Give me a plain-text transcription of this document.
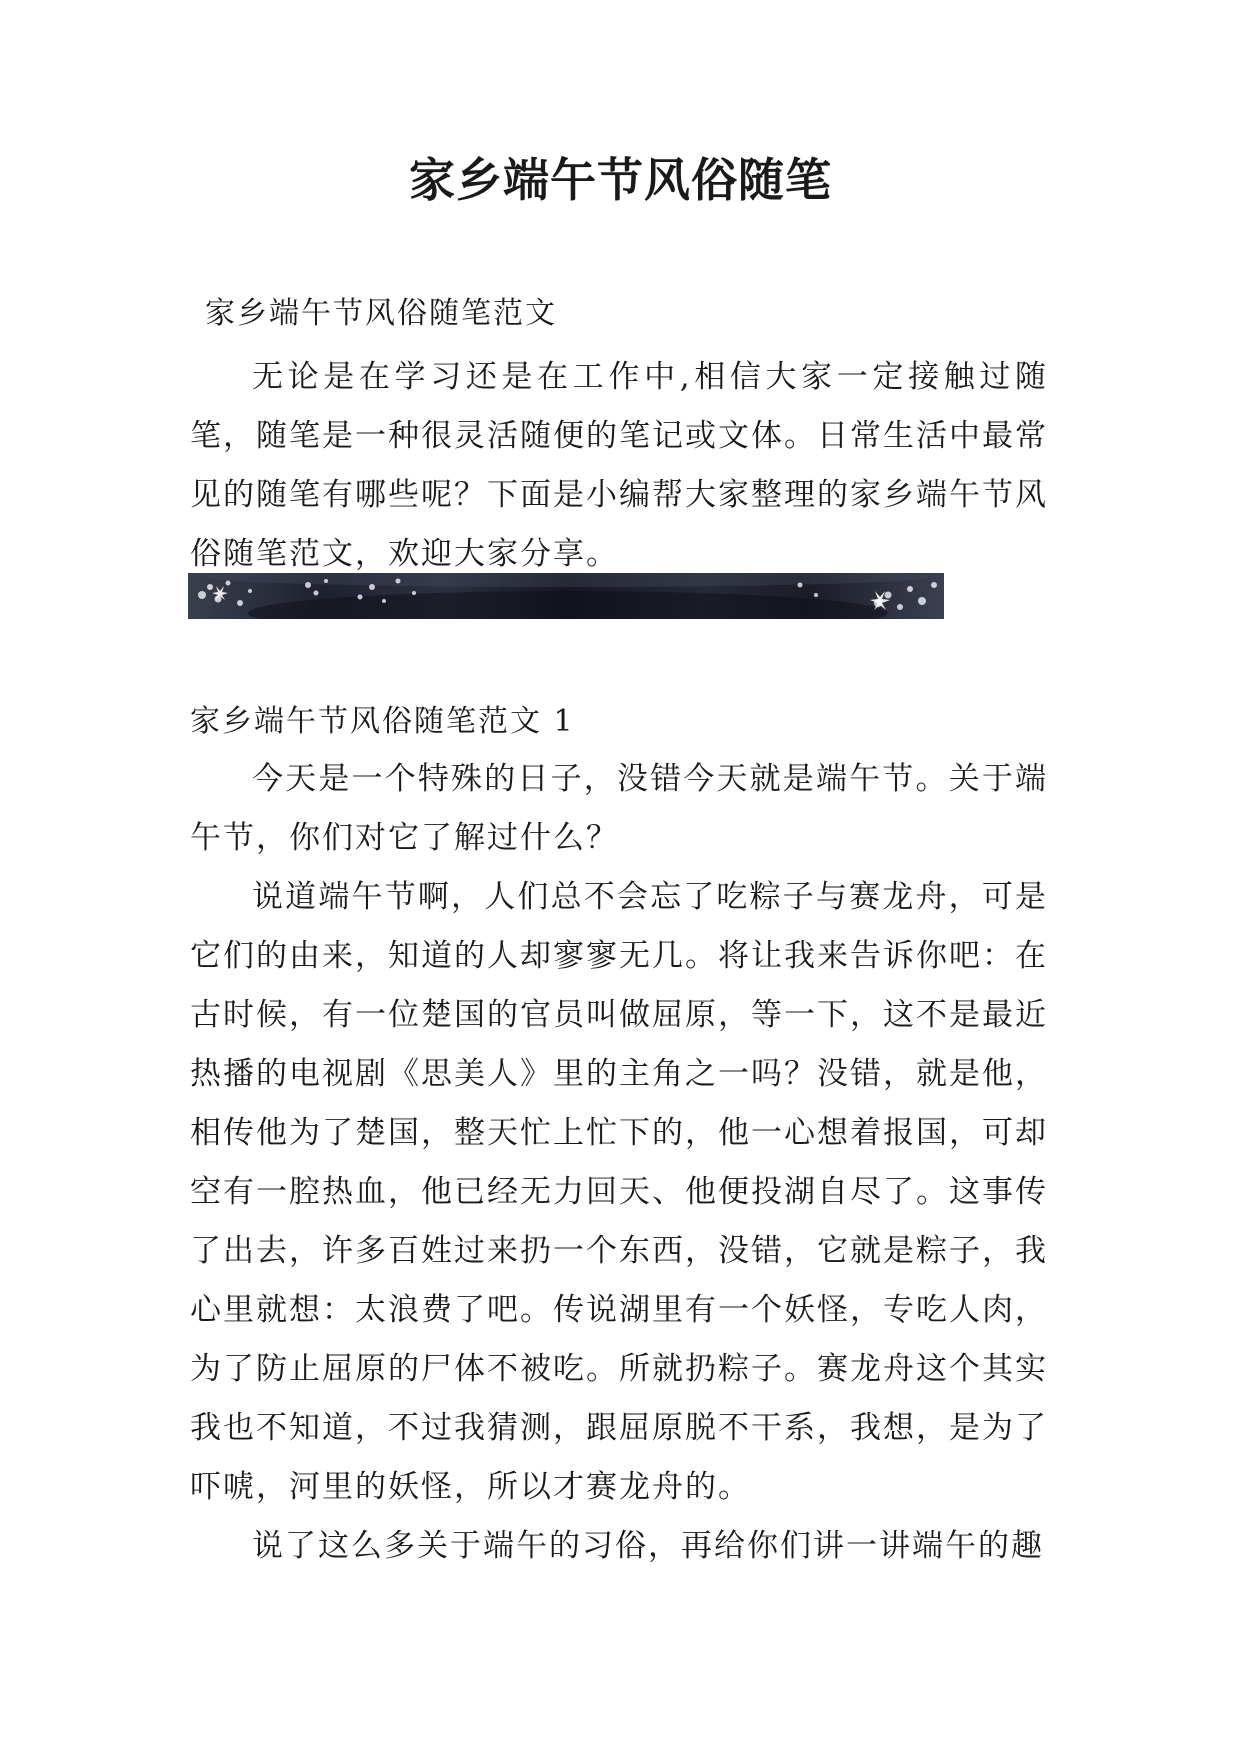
家乡端午节风俗随笔
家乡端午节风俗随笔范文

无论是在学习还是在工作中,相信大家一定接触过随笔，随笔是一种很灵活随便的笔记或文体。日常生活中最常见的随笔有哪些呢？下面是小编帮大家整理的家乡端午节风俗随笔范文，欢迎大家分享。

家乡端午节风俗随笔范文 1

今天是一个特殊的日子，没错今天就是端午节。关于端午节，你们对它了解过什么？

说道端午节啊，人们总不会忘了吃粽子与赛龙舟，可是它们的由来，知道的人却寥寥无几。将让我来告诉你吧：在古时候，有一位楚国的官员叫做屈原，等一下，这不是最近热播的电视剧《思美人》里的主角之一吗？没错，就是他，相传他为了楚国，整天忙上忙下的，他一心想着报国，可却空有一腔热血，他已经无力回天、他便投湖自尽了。这事传了出去，许多百姓过来扔一个东西，没错，它就是粽子，我心里就想：太浪费了吧。传说湖里有一个妖怪，专吃人肉，为了防止屈原的尸体不被吃。所就扔粽子。赛龙舟这个其实我也不知道，不过我猜测，跟屈原脱不干系，我想，是为了吓唬，河里的妖怪，所以才赛龙舟的。

说了这么多关于端午的习俗，再给你们讲一讲端午的趣
